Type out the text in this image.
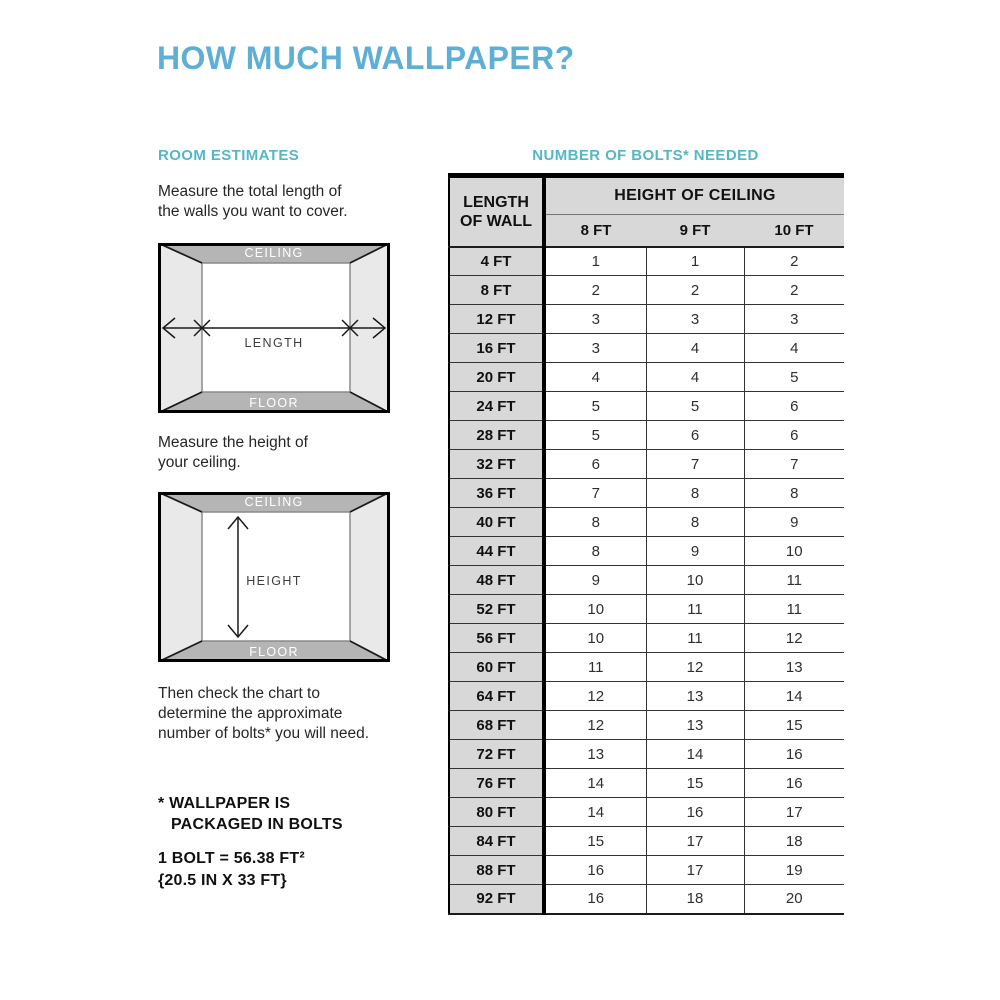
HOW MUCH WALLPAPER?
ROOM ESTIMATES	NUMBER OF BOLTS* NEEDED

Measure the total length of
the walls you want to cover.

CEILING
FLOOR
LENGTH

Measure the height of
your ceiling.

CEILING
FLOOR
HEIGHT

Then check the chart to
determine the approximate
number of bolts* you will need.

* WALLPAPER IS
PACKAGED IN BOLTS
1 BOLT = 56.38 FT²
{20.5 IN X 33 FT}
LENGTH
OF WALL	HEIGHT OF CEILING		
	8 FT	9 FT	10 FT
4 FT	1	1	2
8 FT	2	2	2
12 FT	3	3	3
16 FT	3	4	4
20 FT	4	4	5
24 FT	5	5	6
28 FT	5	6	6
32 FT	6	7	7
36 FT	7	8	8
40 FT	8	8	9
44 FT	8	9	10
48 FT	9	10	11
52 FT	10	11	11
56 FT	10	11	12
60 FT	11	12	13
64 FT	12	13	14
68 FT	12	13	15
72 FT	13	14	16
76 FT	14	15	16
80 FT	14	16	17
84 FT	15	17	18
88 FT	16	17	19
92 FT	16	18	20
